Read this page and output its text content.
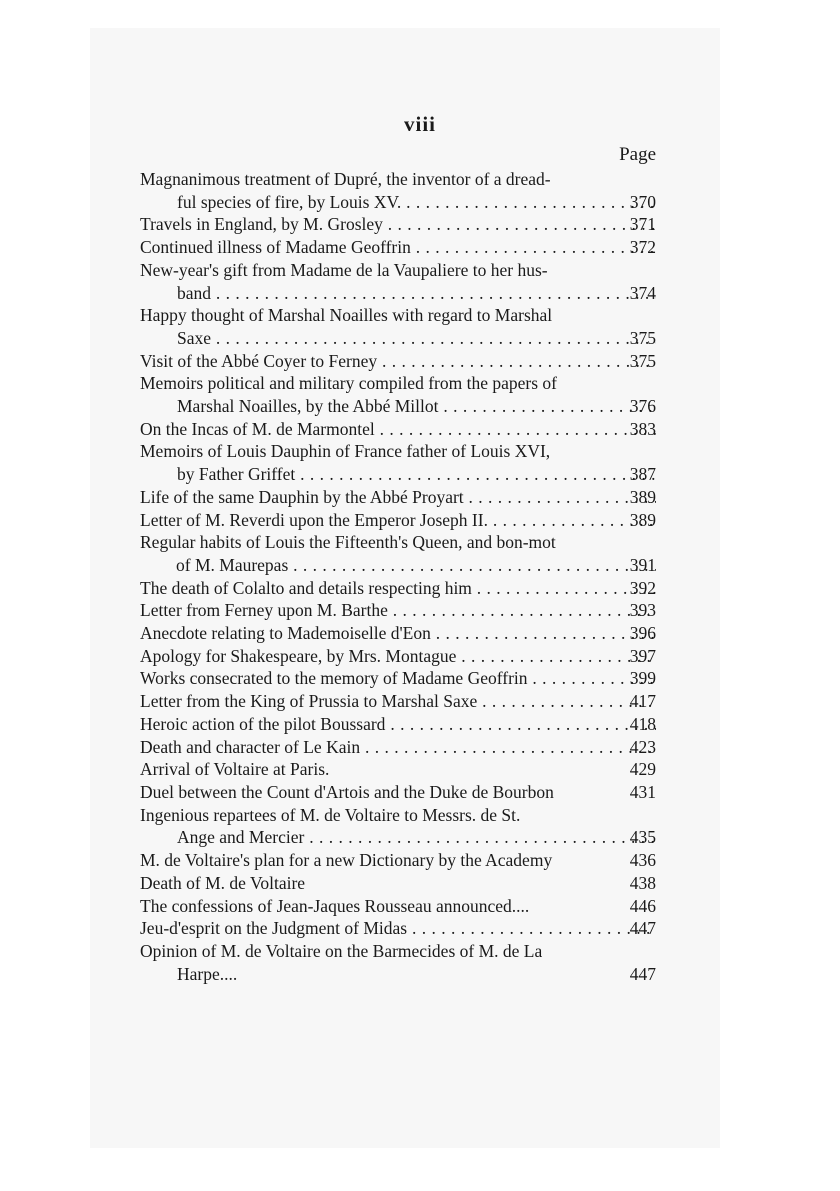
viii
Page
Magnanimous treatment of Dupré, the inventor of a dread-
ful species of fire, by Louis XV. . . .	370
Travels in England, by M. Grosley . . .	371
Continued illness of Madame Geoffrin . . .	372
New-year's gift from Madame de la Vaupaliere to her hus-
band . . .	374
Happy thought of Marshal Noailles with regard to Marshal
Saxe . . .	375
Visit of the Abbé Coyer to Ferney . . .	375
Memoirs political and military compiled from the papers of
Marshal Noailles, by the Abbé Millot . . .	376
On the Incas of M. de Marmontel . . .	383
Memoirs of Louis Dauphin of France father of Louis XVI,
by Father Griffet . . .	387
Life of the same Dauphin by the Abbé Proyart . . .	389
Letter of M. Reverdi upon the Emperor Joseph II. . . .	389
Regular habits of Louis the Fifteenth's Queen, and bon-mot
of M. Maurepas . . .	391
The death of Colalto and details respecting him . . .	392
Letter from Ferney upon M. Barthe . . .	393
Anecdote relating to Mademoiselle d'Eon . . .	396
Apology for Shakespeare, by Mrs. Montague . . .	397
Works consecrated to the memory of Madame Geoffrin . . .	399
Letter from the King of Prussia to Marshal Saxe . . .	417
Heroic action of the pilot Boussard . . .	418
Death and character of Le Kain . . .	423
Arrival of Voltaire at Paris.	429
Duel between the Count d'Artois and the Duke de Bourbon	431
Ingenious repartees of M. de Voltaire to Messrs. de St.
Ange and Mercier . . .	435
M. de Voltaire's plan for a new Dictionary by the Academy	436
Death of M. de Voltaire	438
The confessions of Jean-Jaques Rousseau announced....	446
Jeu-d'esprit on the Judgment of Midas . . .	447
Opinion of M. de Voltaire on the Barmecides of M. de La
Harpe....	447
